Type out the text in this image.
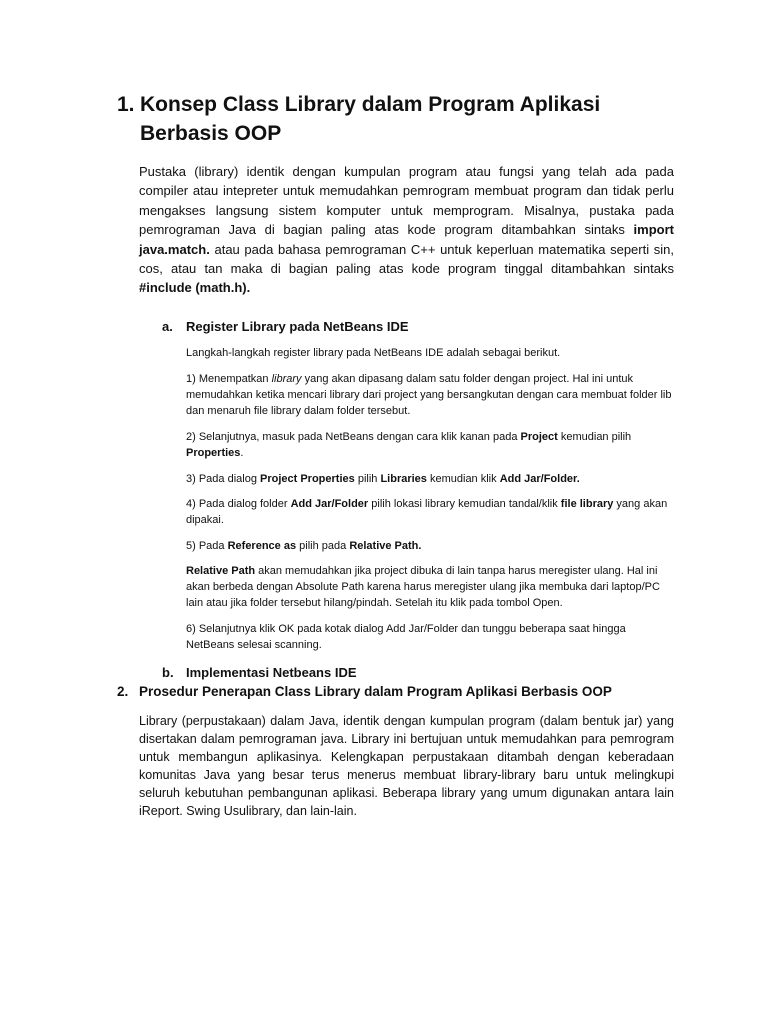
1. Konsep Class Library dalam Program Aplikasi Berbasis OOP

Pustaka (library) identik dengan kumpulan program atau fungsi yang telah ada pada compiler atau intepreter untuk memudahkan pemrogram membuat program dan tidak perlu mengakses langsung sistem komputer untuk memprogram. Misalnya, pustaka pada pemrograman Java di bagian paling atas kode program ditambahkan sintaks import java.match. atau pada bahasa pemrograman C++ untuk keperluan matematika seperti sin, cos, atau tan maka di bagian paling atas kode program tinggal ditambahkan sintaks #include (math.h).

a.	Register Library pada NetBeans IDE

Langkah-langkah register library pada NetBeans IDE adalah sebagai berikut.

1) Menempatkan library yang akan dipasang dalam satu folder dengan project. Hal ini untuk memudahkan ketika mencari library dari project yang bersangkutan dengan cara membuat folder lib dan menaruh file library dalam folder tersebut.

2) Selanjutnya, masuk pada NetBeans dengan cara klik kanan pada Project kemudian pilih Properties.

3) Pada dialog Project Properties pilih Libraries kemudian klik Add Jar/Folder.

4) Pada dialog folder Add Jar/Folder pilih lokasi library kemudian tandal/klik file library yang akan dipakai.

5) Pada Reference as pilih pada Relative Path.

Relative Path akan memudahkan jika project dibuka di lain tanpa harus meregister ulang. Hal ini akan berbeda dengan Absolute Path karena harus meregister ulang jika membuka dari laptop/PC lain atau jika folder tersebut hilang/pindah. Setelah itu klik pada tombol Open.

6) Selanjutnya klik OK pada kotak dialog Add Jar/Folder dan tunggu beberapa saat hingga NetBeans selesai scanning.

b. Implementasi Netbeans IDE
2. Prosedur Penerapan Class Library dalam Program Aplikasi Berbasis OOP

Library (perpustakaan) dalam Java, identik dengan kumpulan program (dalam bentuk jar) yang disertakan dalam pemrograman java. Library ini bertujuan untuk memudahkan para pemrogram untuk membangun aplikasinya. Kelengkapan perpustakaan ditambah dengan keberadaan komunitas Java yang besar terus menerus membuat library-library baru untuk melingkupi seluruh kebutuhan pembangunan aplikasi. Beberapa library yang umum digunakan antara lain iReport. Swing Usulibrary, dan lain-lain.
